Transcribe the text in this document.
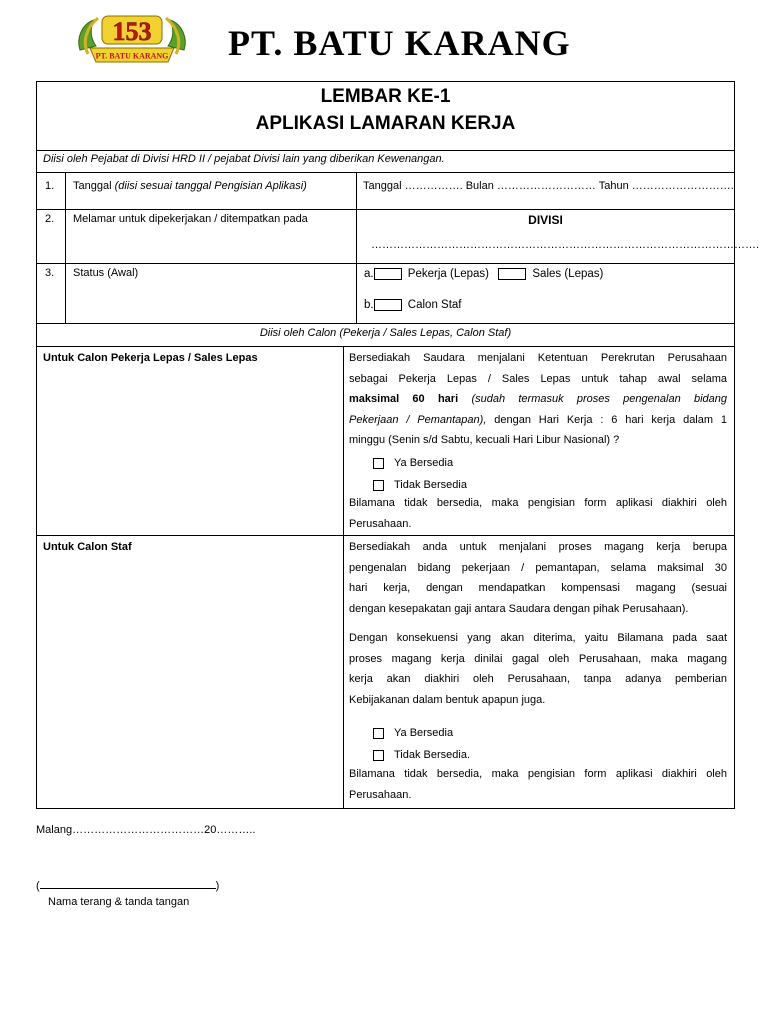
153
PT. BATU KARANG PT. BATU KARANG
LEMBAR KE-1
APLIKASI LAMARAN KERJA
Diisi oleh Pejabat di Divisi HRD II / pejabat Divisi lain yang diberikan Kewenangan.
1. Tanggal (diisi sesuai tanggal Pengisian Aplikasi)	Tanggal ……………. Bulan ……………………… Tahun ……………………….
2. Melamar untuk dipekerjakan / ditempatkan pada	DIVISI
…………………………………………………………………………………………….
3. Status (Awal)	a.	Pekerja (Lepas)	Sales (Lepas)
b.	Calon Staf
Diisi oleh Calon (Pekerja / Sales Lepas, Calon Staf)
Untuk Calon Pekerja Lepas / Sales Lepas	Bersediakah Saudara menjalani Ketentuan Perekrutan Perusahaan
sebagai Pekerja Lepas / Sales Lepas untuk tahap awal selama
maksimal 60 hari (sudah termasuk proses pengenalan bidang
Pekerjaan / Pemantapan), dengan Hari Kerja : 6 hari kerja dalam 1
minggu (Senin s/d Sabtu, kecuali Hari Libur Nasional) ?
Ya Bersedia
Tidak Bersedia
Bilamana tidak bersedia, maka pengisian form aplikasi diakhiri oleh
Perusahaan.
Untuk Calon Staf	Bersediakah anda untuk menjalani proses magang kerja berupa
pengenalan bidang pekerjaan / pemantapan, selama maksimal 30
hari kerja, dengan mendapatkan kompensasi magang (sesuai
dengan kesepakatan gaji antara Saudara dengan pihak Perusahaan).
Dengan konsekuensi yang akan diterima, yaitu Bilamana pada saat
proses magang kerja dinilai gagal oleh Perusahaan, maka magang
kerja akan diakhiri oleh Perusahaan, tanpa adanya pemberian
Kebijakanan dalam bentuk apapun juga.
Ya Bersedia
Tidak Bersedia.
Bilamana tidak bersedia, maka pengisian form aplikasi diakhiri oleh
Perusahaan.
Malang………………………………20………..
(	)
Nama terang & tanda tangan
